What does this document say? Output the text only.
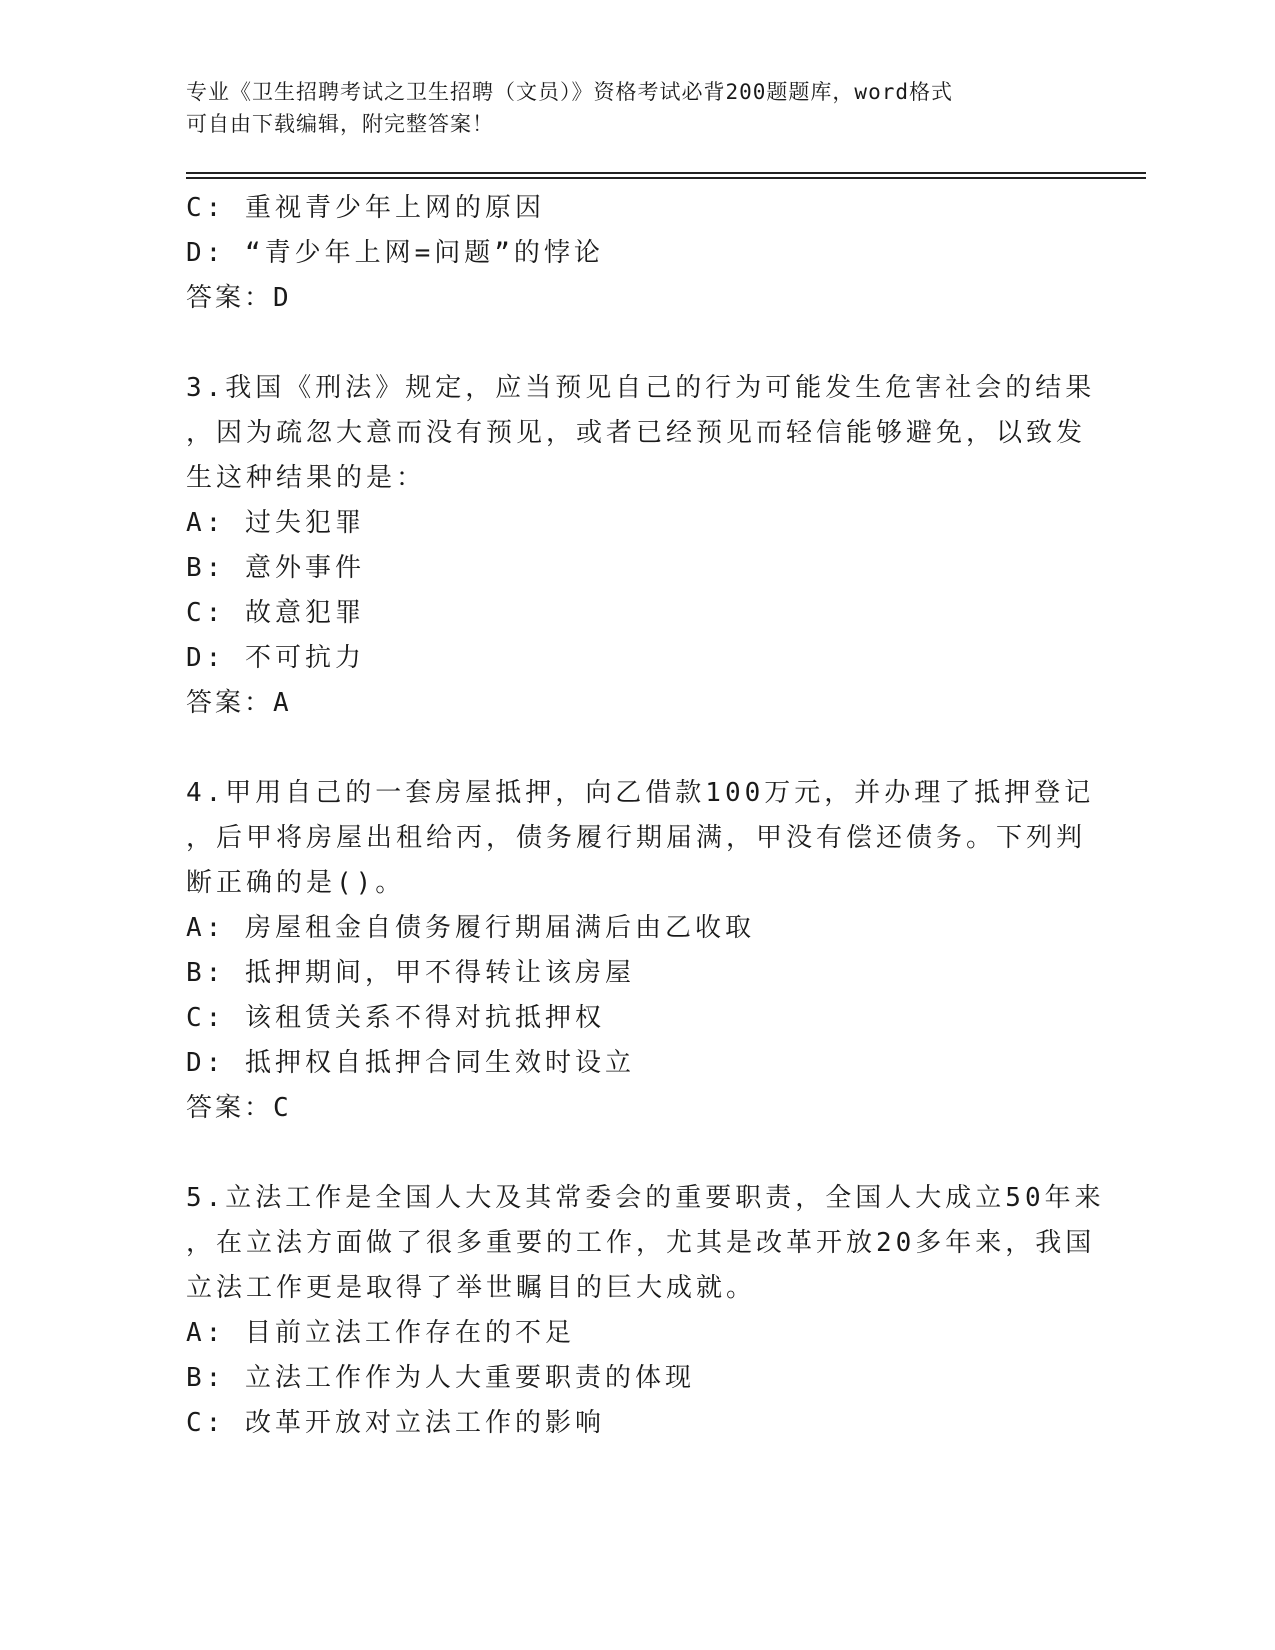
专业《卫生招聘考试之卫生招聘（文员）》资格考试必背200题题库，word格式
可自由下载编辑，附完整答案！
C: 重视青少年上网的原因
D: “青少年上网=问题”的悖论
答案：D
3.我国《刑法》规定，应当预见自己的行为可能发生危害社会的结果
，因为疏忽大意而没有预见，或者已经预见而轻信能够避免，以致发
生这种结果的是：
A: 过失犯罪
B: 意外事件
C: 故意犯罪
D: 不可抗力
答案：A
4.甲用自己的一套房屋抵押，向乙借款100万元，并办理了抵押登记
，后甲将房屋出租给丙，债务履行期届满，甲没有偿还债务。下列判
断正确的是()。
A: 房屋租金自债务履行期届满后由乙收取
B: 抵押期间，甲不得转让该房屋
C: 该租赁关系不得对抗抵押权
D: 抵押权自抵押合同生效时设立
答案：C
5.立法工作是全国人大及其常委会的重要职责，全国人大成立50年来
，在立法方面做了很多重要的工作，尤其是改革开放20多年来，我国
立法工作更是取得了举世瞩目的巨大成就。
A: 目前立法工作存在的不足
B: 立法工作作为人大重要职责的体现
C: 改革开放对立法工作的影响
